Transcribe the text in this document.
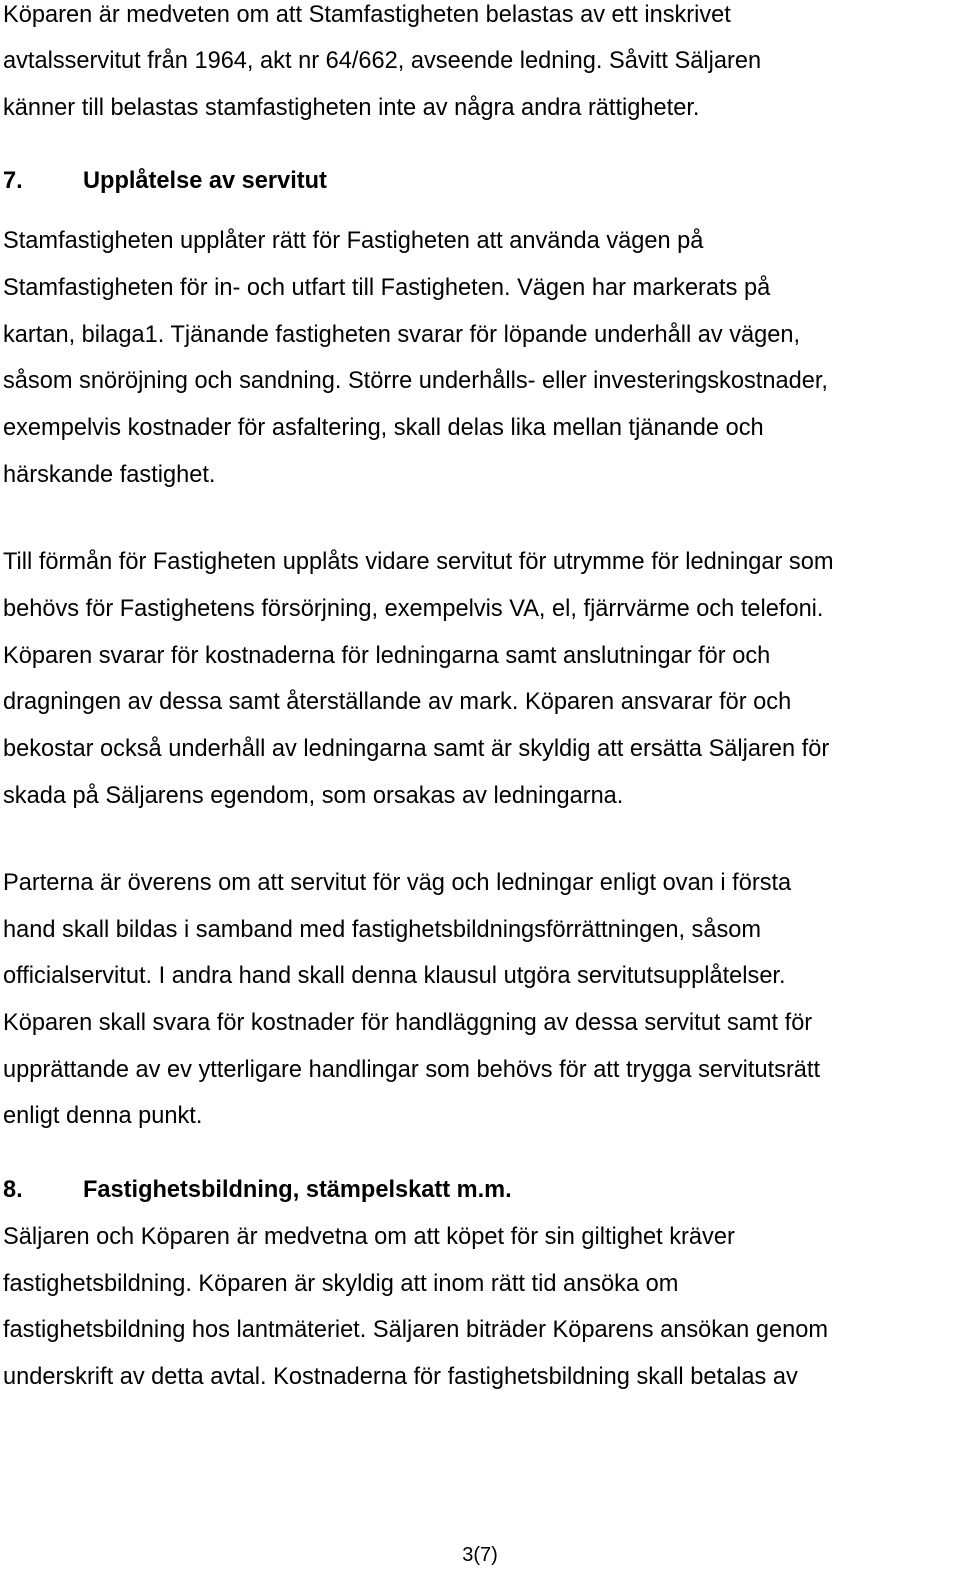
Köparen är medveten om att Stamfastigheten belastas av ett inskrivet
avtalsservitut från 1964, akt nr 64/662, avseende ledning. Såvitt Säljaren
känner till belastas stamfastigheten inte av några andra rättigheter.
7.	Upplåtelse av servitut
Stamfastigheten upplåter rätt för Fastigheten att använda vägen på
Stamfastigheten för in- och utfart till Fastigheten. Vägen har markerats på
kartan, bilaga1. Tjänande fastigheten svarar för löpande underhåll av vägen,
såsom snöröjning och sandning. Större underhålls- eller investeringskostnader,
exempelvis kostnader för asfaltering, skall delas lika mellan tjänande och
härskande fastighet.
Till förmån för Fastigheten upplåts vidare servitut för utrymme för ledningar som
behövs för Fastighetens försörjning, exempelvis VA, el, fjärrvärme och telefoni.
Köparen svarar för kostnaderna för ledningarna samt anslutningar för och
dragningen av dessa samt återställande av mark. Köparen ansvarar för och
bekostar också underhåll av ledningarna samt är skyldig att ersätta Säljaren för
skada på Säljarens egendom, som orsakas av ledningarna.
Parterna är överens om att servitut för väg och ledningar enligt ovan i första
hand skall bildas i samband med fastighetsbildningsförrättningen, såsom
officialservitut. I andra hand skall denna klausul utgöra servitutsupplåtelser.
Köparen skall svara för kostnader för handläggning av dessa servitut samt för
upprättande av ev ytterligare handlingar som behövs för att trygga servitutsrätt
enligt denna punkt.
8.	Fastighetsbildning, stämpelskatt m.m.
Säljaren och Köparen är medvetna om att köpet för sin giltighet kräver
fastighetsbildning. Köparen är skyldig att inom rätt tid ansöka om
fastighetsbildning hos lantmäteriet. Säljaren biträder Köparens ansökan genom
underskrift av detta avtal. Kostnaderna för fastighetsbildning skall betalas av
3(7)
